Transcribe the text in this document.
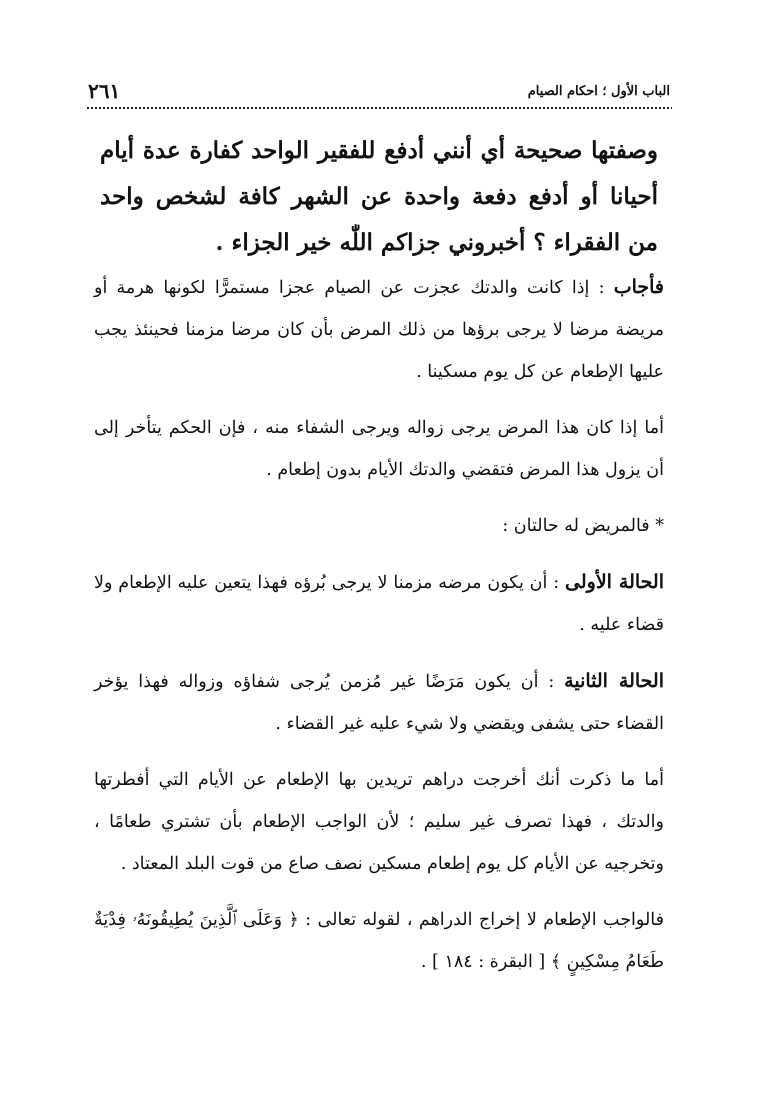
الباب الأول ؛ احكام الصيام
٢٦١
وصفتها صحيحة أي أنني أدفع للفقير الواحد كفارة عدة أيام أحيانا أو أدفع دفعة واحدة عن الشهر كافة لشخص واحد من الفقراء ؟ أخبروني جزاكم اللّٰه خير الجزاء .

فأجاب : إذا كانت والدتك عجزت عن الصيام عجزا مستمرًّا لكونها هرمة أو مريضة مرضا لا يرجى برؤها من ذلك المرض بأن كان مرضا مزمنا فحينئذ يجب عليها الإطعام عن كل يوم مسكينا .

أما إذا كان هذا المرض يرجى زواله ويرجى الشفاء منه ، فإن الحكم يتأخر إلى أن يزول هذا المرض فتقضي والدتك الأيام بدون إطعام .

* فالمريض له حالتان :

الحالة الأولى : أن يكون مرضه مزمنا لا يرجى بُرؤه فهذا يتعين عليه الإطعام ولا قضاء عليه .

الحالة الثانية : أن يكون مَرَضًا غير مُزمن يُرجى شفاؤه وزواله فهذا يؤخر القضاء حتى يشفى ويقضي ولا شيء عليه غير القضاء .

أما ما ذكرت أنك أخرجت دراهم تريدين بها الإطعام عن الأيام التي أفطرتها والدتك ، فهذا تصرف غير سليم ؛ لأن الواجب الإطعام بأن تشتري طعامًا ، وتخرجيه عن الأيام كل يوم إطعام مسكين نصف صاع من قوت البلد المعتاد .

فالواجب الإطعام لا إخراج الدراهم ، لقوله تعالى : ﴿ وَعَلَى ٱلَّذِينَ يُطِيقُونَهُۥ فِدْيَةٌ طَعَامُ مِسْكِينٍ ﴾ [ البقرة : ١٨٤ ] .
